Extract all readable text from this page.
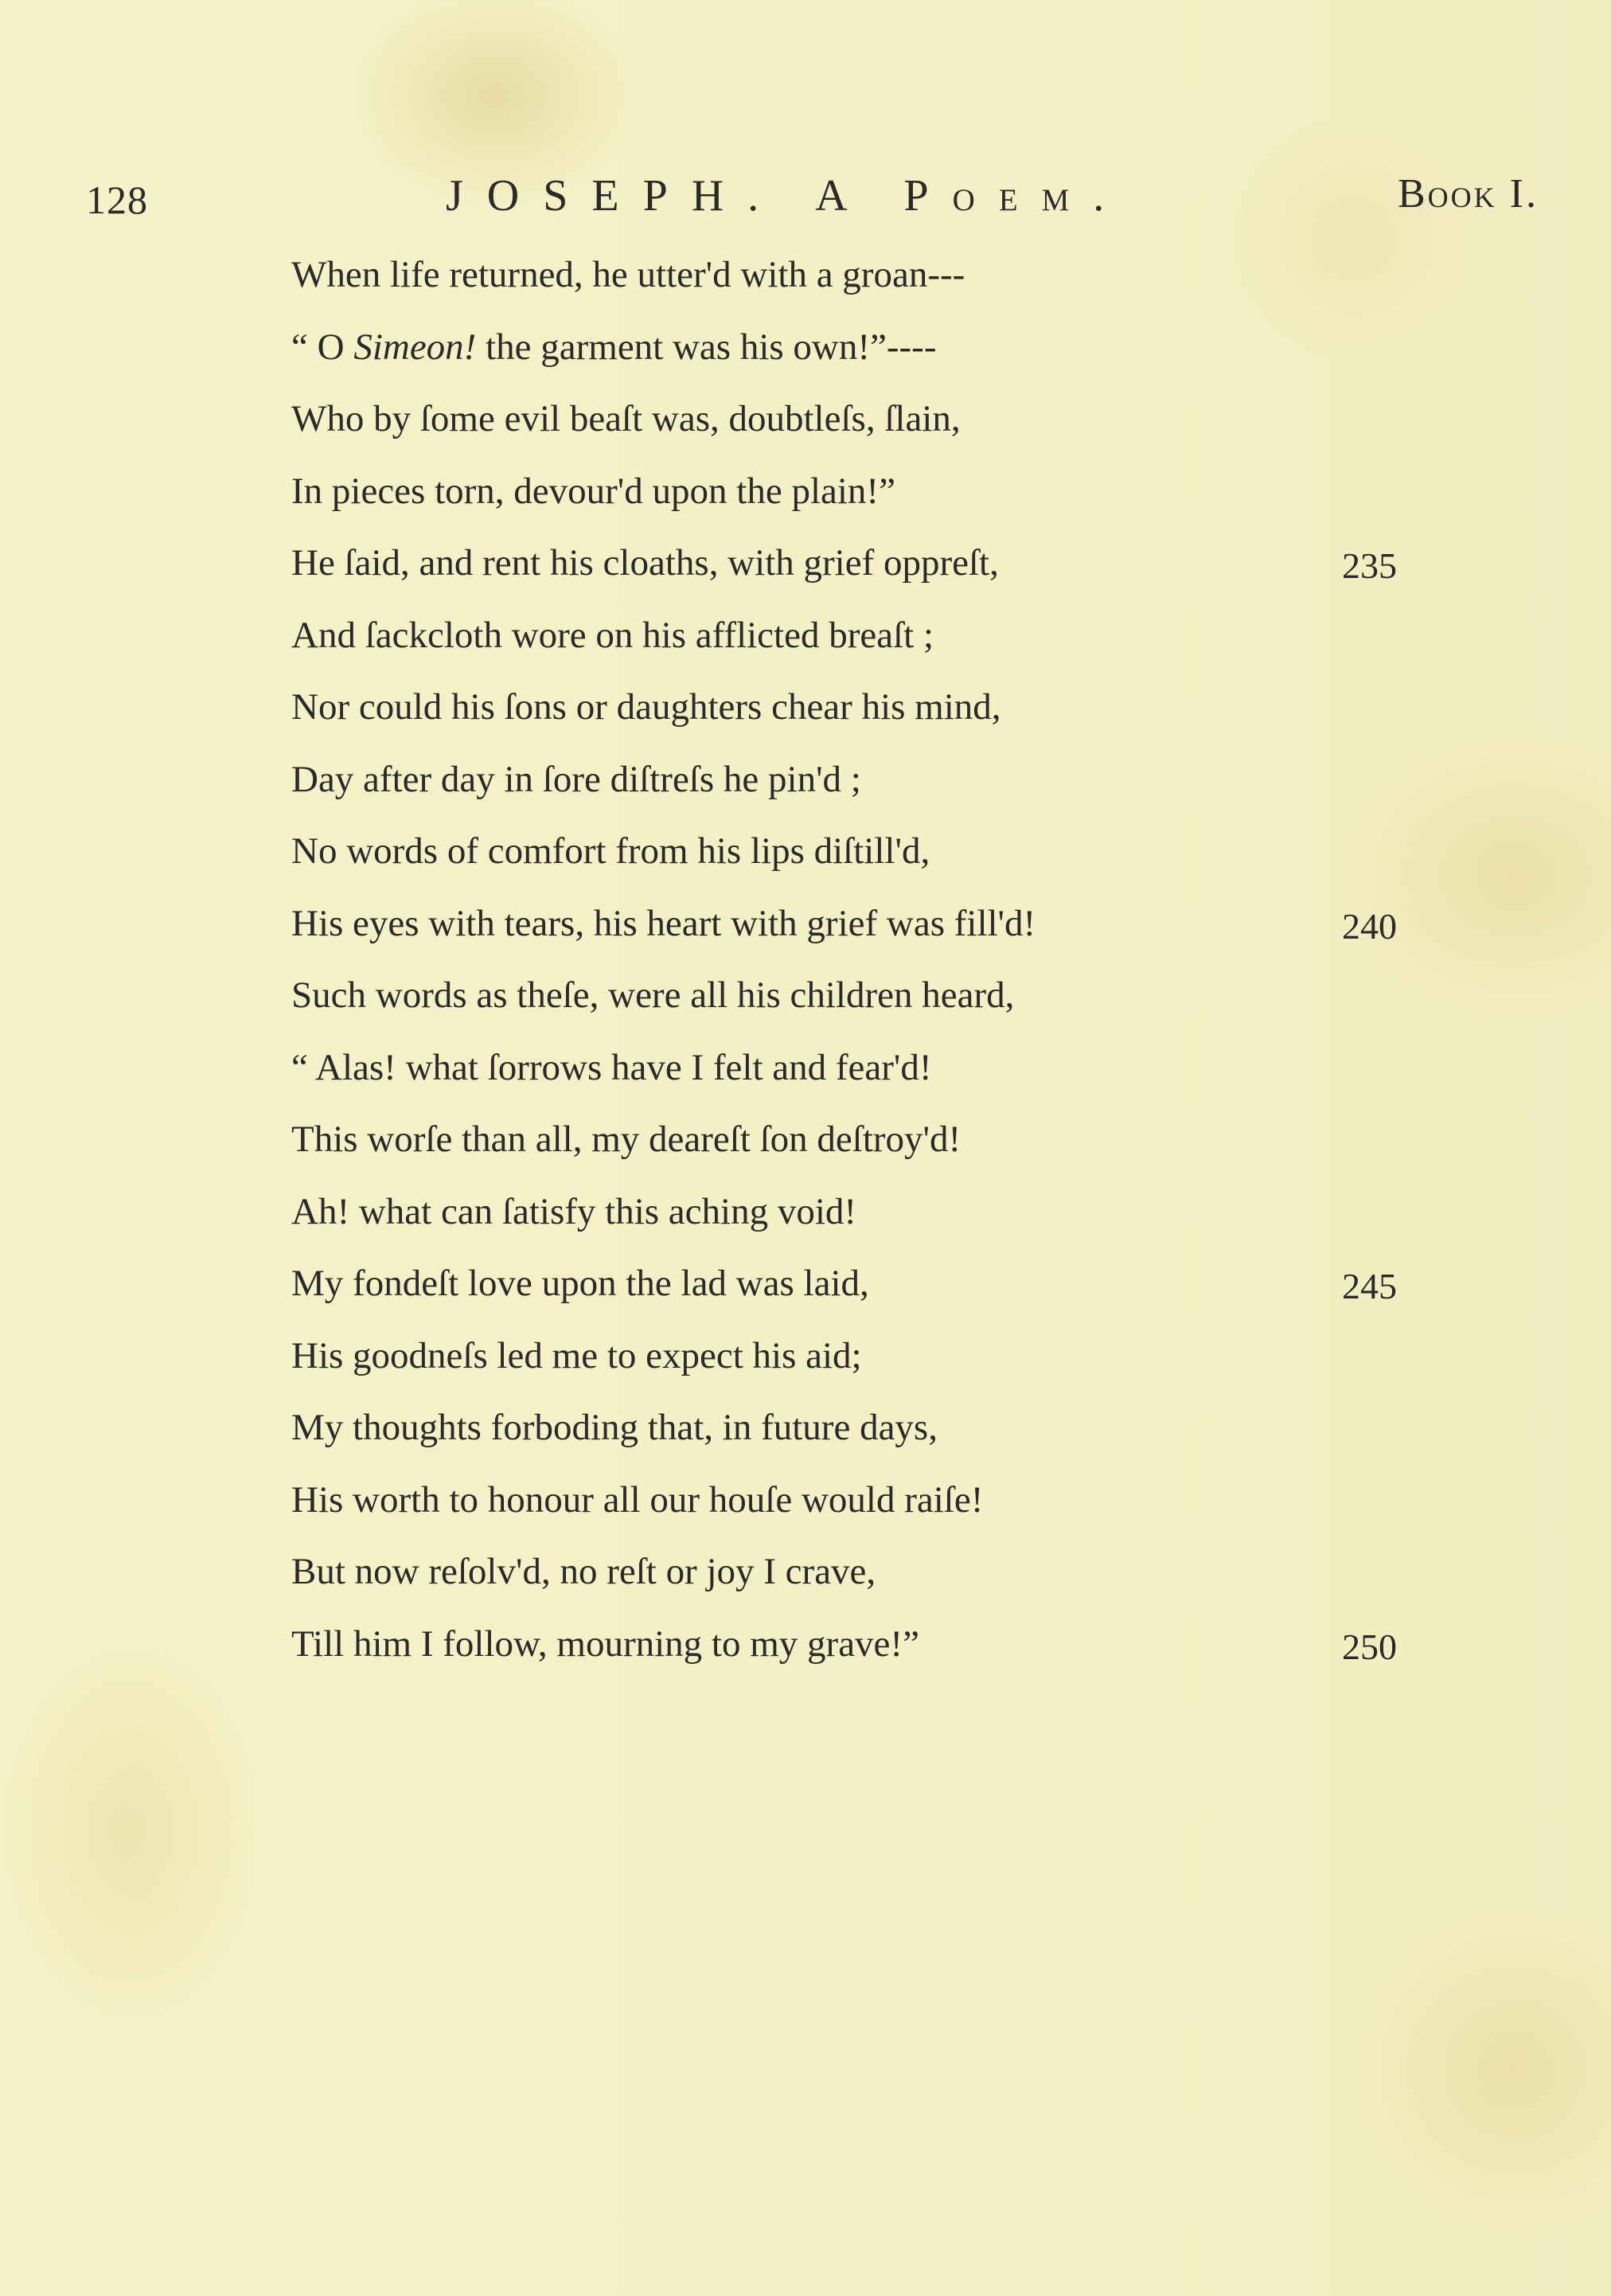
128	JOSEPH. A Poem.	Book I.
When life returned, he utter'd with a groan---
“ O Simeon! the garment was his own!”----
Who by ſome evil beaſt was, doubtleſs, ſlain,
In pieces torn, devour'd upon the plain!”
He ſaid, and rent his cloaths, with grief oppreſt,	235
And ſackcloth wore on his afflicted breaſt ;
Nor could his ſons or daughters chear his mind,
Day after day in ſore diſtreſs he pin'd ;
No words of comfort from his lips diſtill'd,
His eyes with tears, his heart with grief was fill'd!	240
Such words as theſe, were all his children heard,
“ Alas! what ſorrows have I felt and fear'd!
This worſe than all, my deareſt ſon deſtroy'd!
Ah! what can ſatisfy this aching void!
My fondeſt love upon the lad was laid,	245
His goodneſs led me to expect his aid;
My thoughts forboding that, in future days,
His worth to honour all our houſe would raiſe!
But now reſolv'd, no reſt or joy I crave,
Till him I follow, mourning to my grave!”	250
